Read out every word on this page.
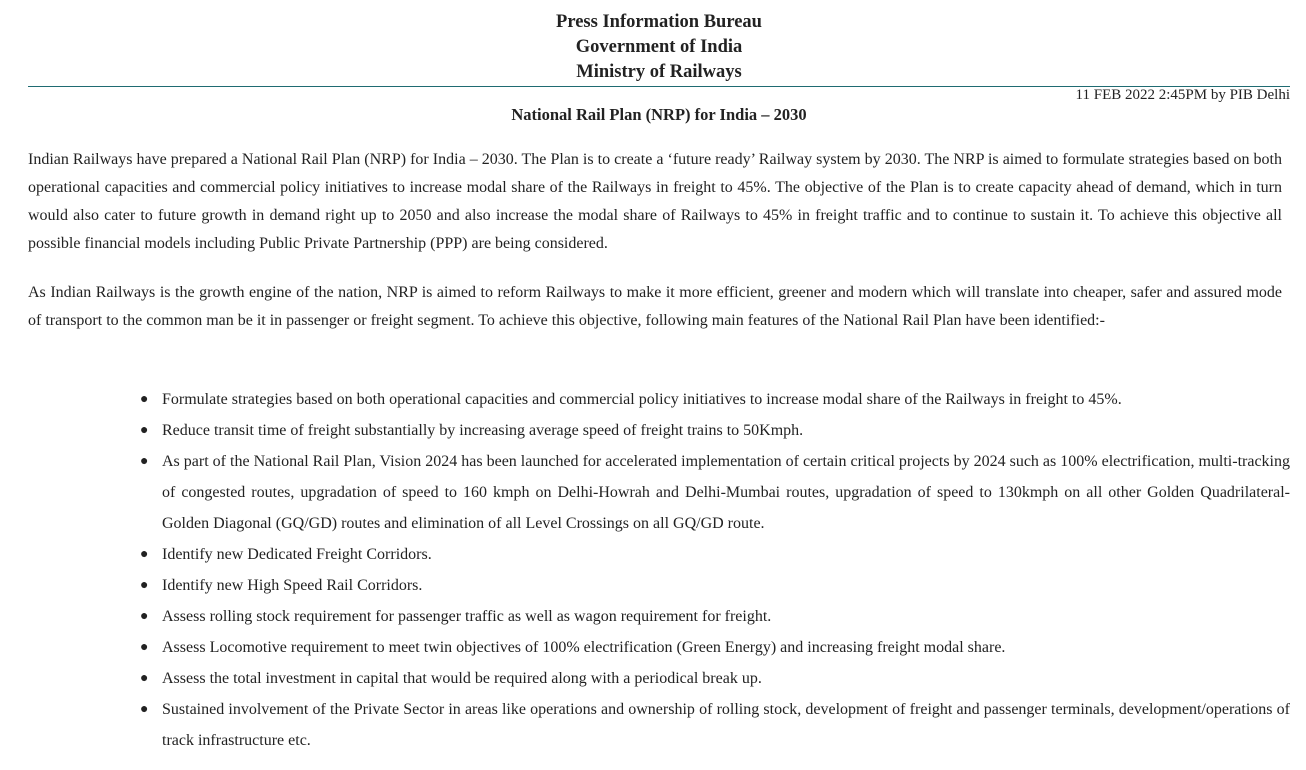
Press Information Bureau
Government of India
Ministry of Railways
11 FEB 2022 2:45PM by PIB Delhi
National Rail Plan (NRP) for India – 2030

Indian Railways have prepared a National Rail Plan (NRP) for India – 2030. The Plan is to create a ‘future ready’ Railway system by 2030. The NRP is aimed to formulate strategies based on both operational capacities and commercial policy initiatives to increase modal share of the Railways in freight to 45%. The objective of the Plan is to create capacity ahead of demand, which in turn would also cater to future growth in demand right up to 2050 and also increase the modal share of Railways to 45% in freight traffic and to continue to sustain it. To achieve this objective all possible financial models including Public Private Partnership (PPP) are being considered.

As Indian Railways is the growth engine of the nation, NRP is aimed to reform Railways to make it more efficient, greener and modern which will translate into cheaper, safer and assured mode of transport to the common man be it in passenger or freight segment. To achieve this objective, following main features of the National Rail Plan have been identified:-

● Formulate strategies based on both operational capacities and commercial policy initiatives to increase modal share of the Railways in freight to 45%.
● Reduce transit time of freight substantially by increasing average speed of freight trains to 50Kmph.
● As part of the National Rail Plan, Vision 2024 has been launched for accelerated implementation of certain critical projects by 2024 such as 100% electrification, multi-tracking of congested routes, upgradation of speed to 160 kmph on Delhi-Howrah and Delhi-Mumbai routes, upgradation of speed to 130kmph on all other Golden Quadrilateral-Golden Diagonal (GQ/GD) routes and elimination of all Level Crossings on all GQ/GD route.
● Identify new Dedicated Freight Corridors.
● Identify new High Speed Rail Corridors.
● Assess rolling stock requirement for passenger traffic as well as wagon requirement for freight.
● Assess Locomotive requirement to meet twin objectives of 100% electrification (Green Energy) and increasing freight modal share.
● Assess the total investment in capital that would be required along with a periodical break up.
● Sustained involvement of the Private Sector in areas like operations and ownership of rolling stock, development of freight and passenger terminals, development/operations of track infrastructure etc.
